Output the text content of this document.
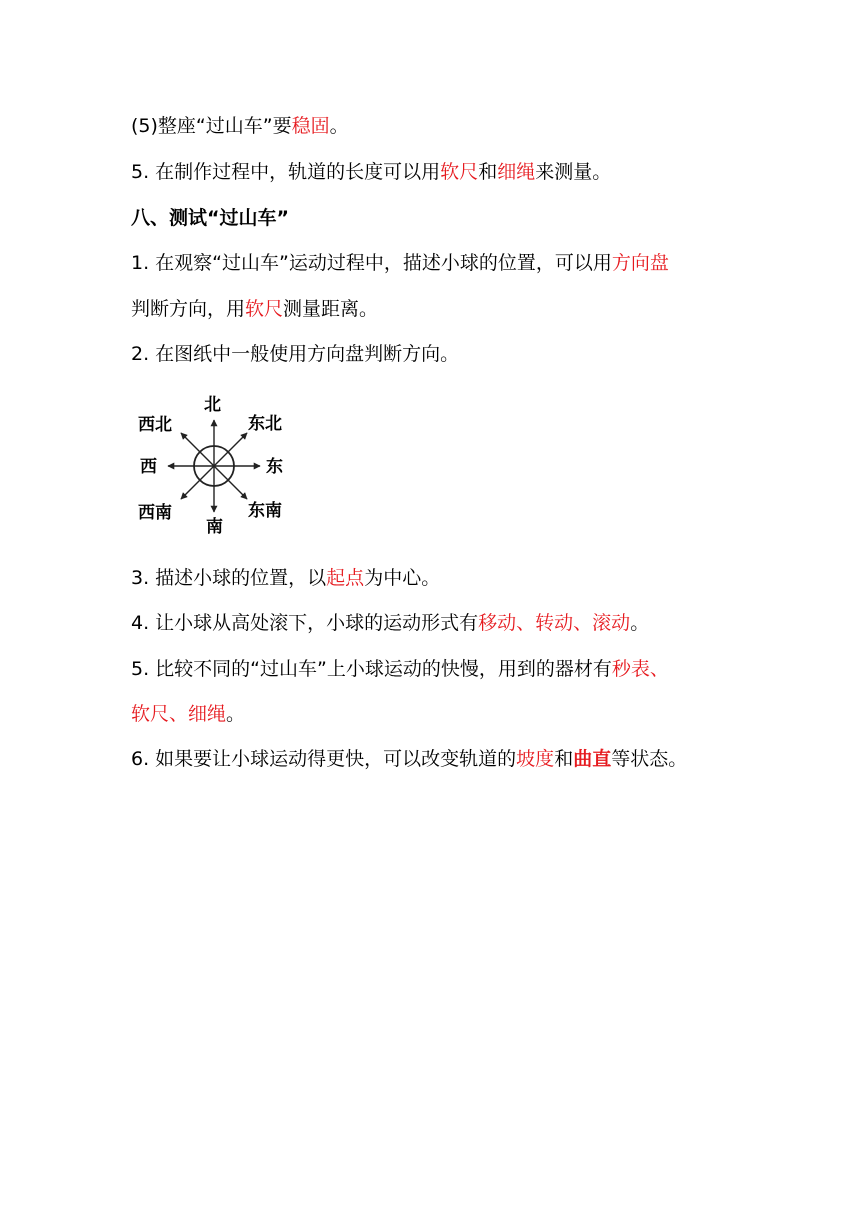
(5)整座“过山车”要稳固。
5. 在制作过程中，轨道的长度可以用软尺和细绳来测量。
八、测试“过山车”
1. 在观察“过山车”运动过程中，描述小球的位置，可以用方向盘
判断方向，用软尺测量距离。
2. 在图纸中一般使用方向盘判断方向。
北
东北
东
东南
南
西南
西
西北
3. 描述小球的位置，以起点为中心。
4. 让小球从高处滚下，小球的运动形式有移动、转动、滚动。
5. 比较不同的“过山车”上小球运动的快慢，用到的器材有秒表、
软尺、细绳。
6. 如果要让小球运动得更快，可以改变轨道的坡度和曲直等状态。
